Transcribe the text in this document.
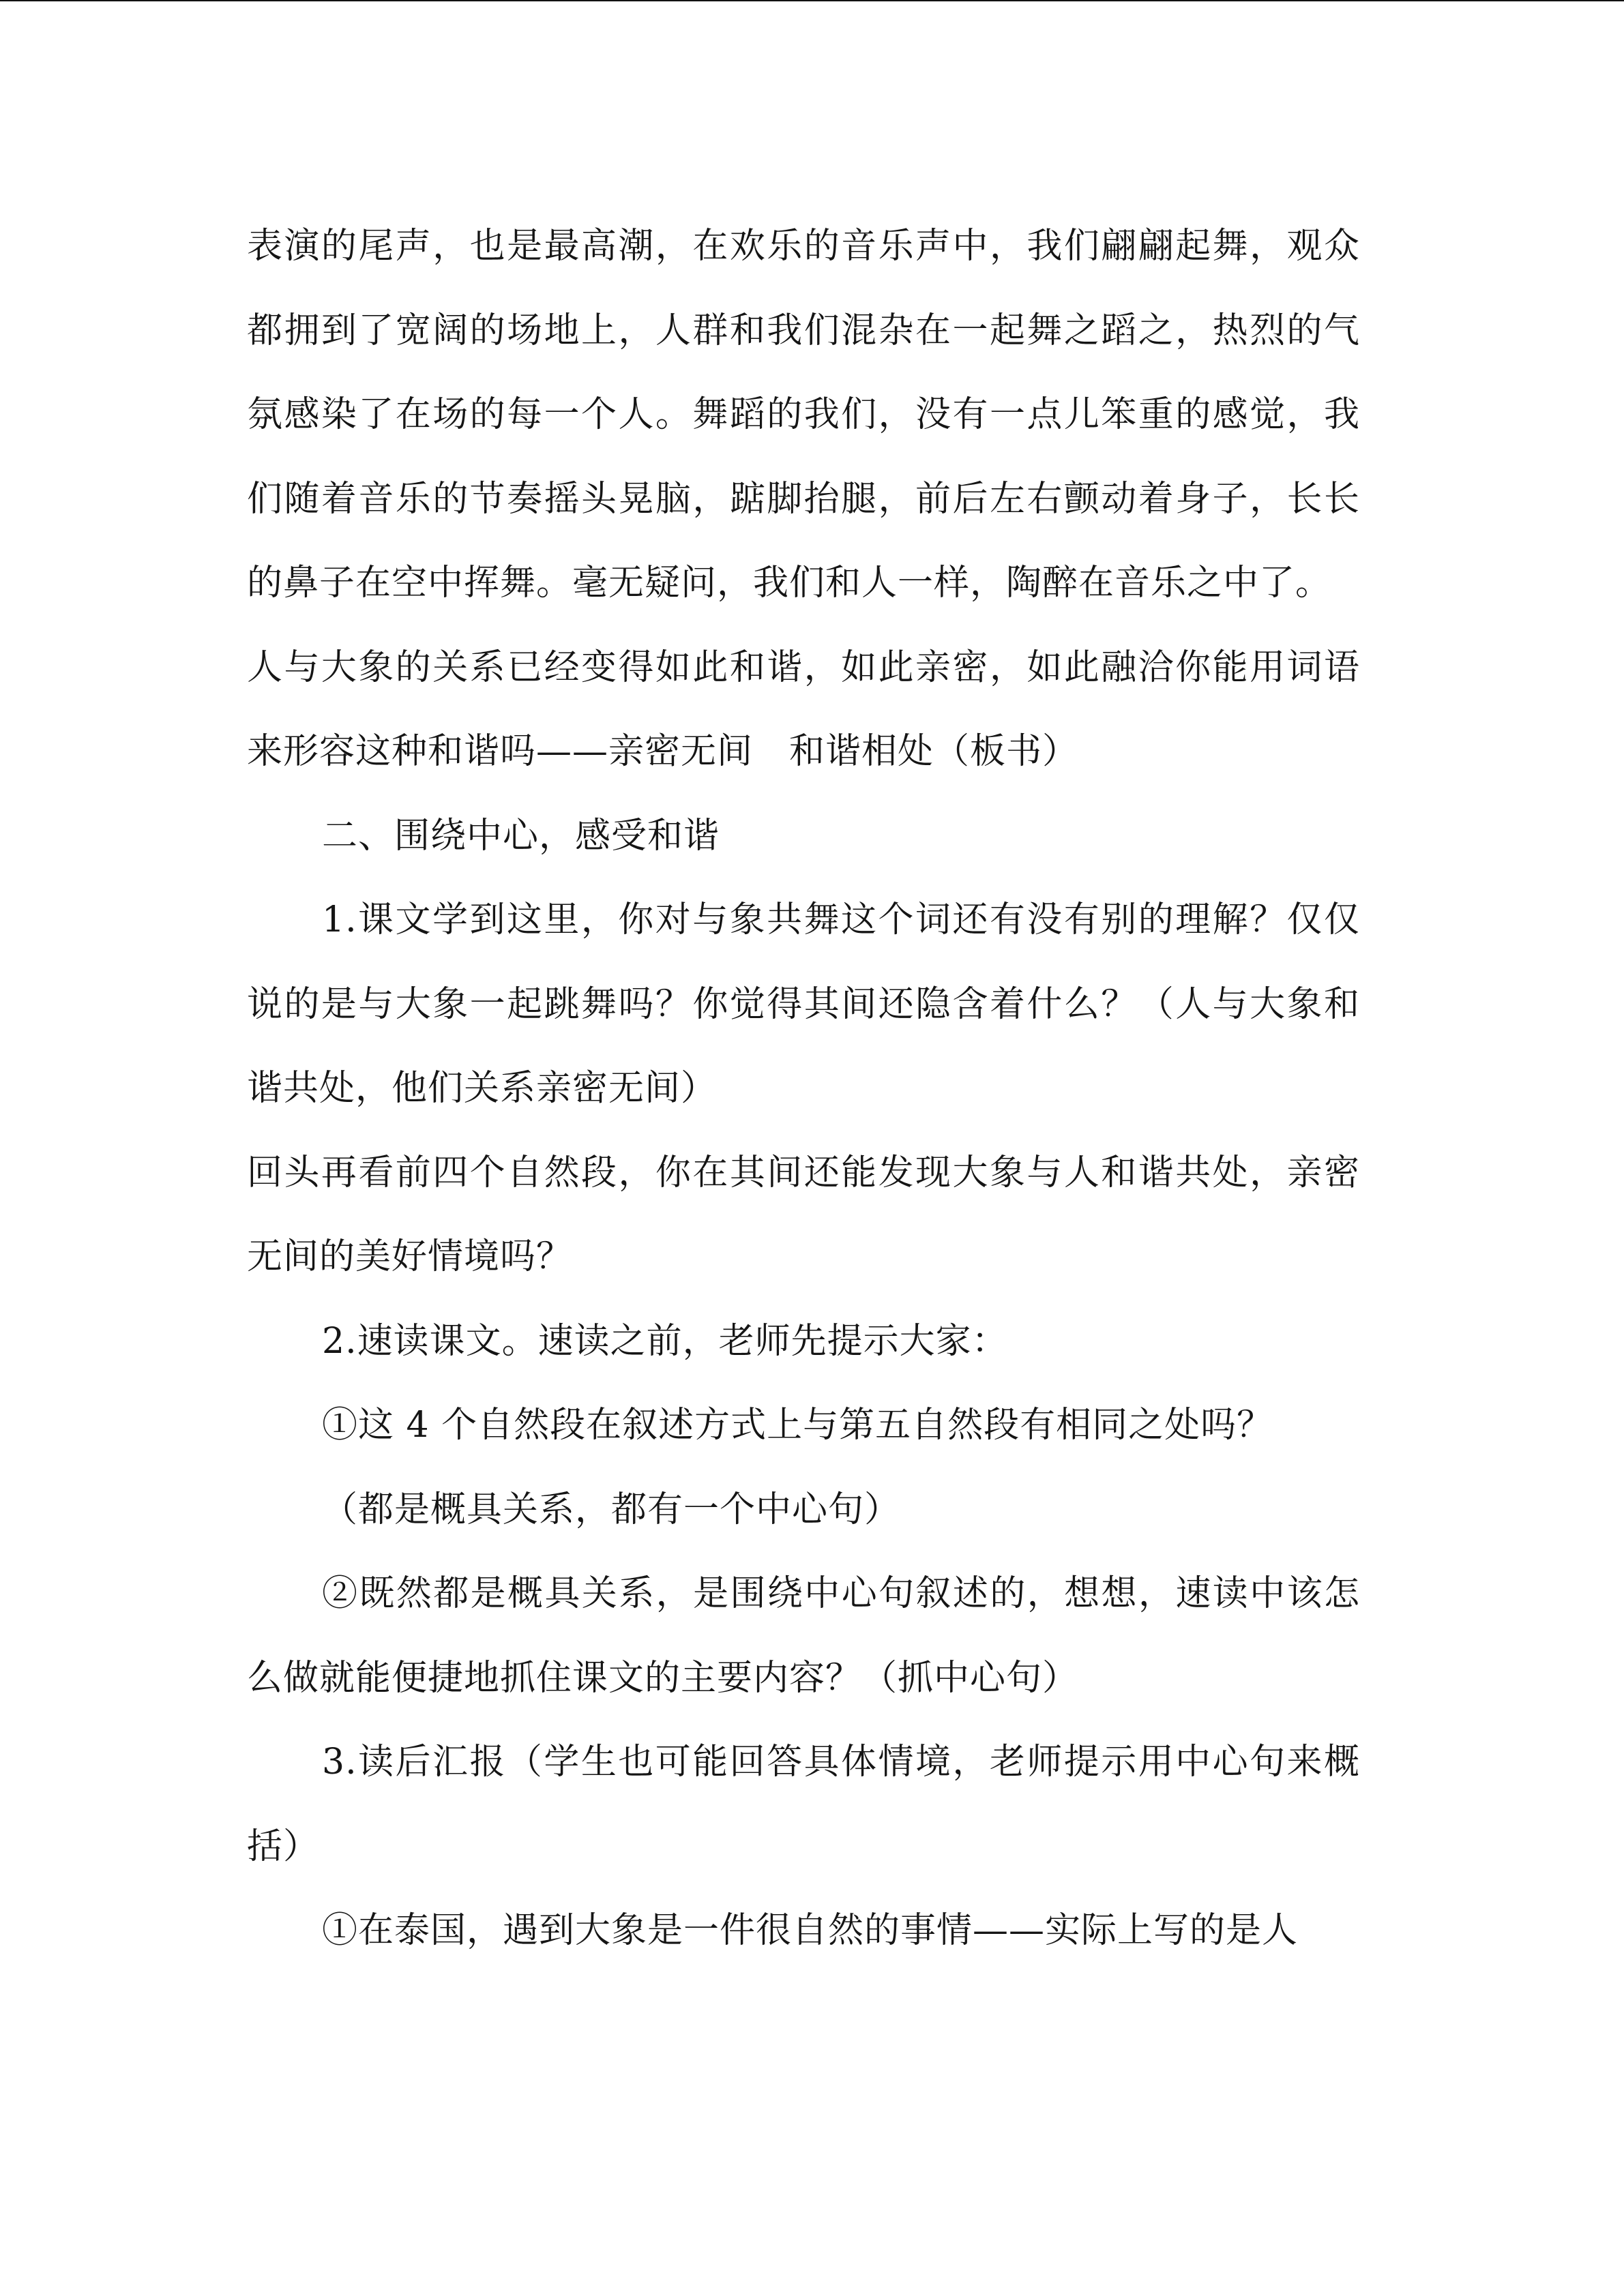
表演的尾声，也是最高潮，在欢乐的音乐声中，我们翩翩起舞，观众都拥到了宽阔的场地上，人群和我们混杂在一起舞之蹈之，热烈的气氛感染了在场的每一个人。舞蹈的我们，没有一点儿笨重的感觉，我们随着音乐的节奏摇头晃脑，踮脚抬腿，前后左右颤动着身子，长长的鼻子在空中挥舞。毫无疑问，我们和人一样，陶醉在音乐之中了。

人与大象的关系已经变得如此和谐，如此亲密，如此融洽你能用词语来形容这种和谐吗——亲密无间　和谐相处（板书）

二、围绕中心，感受和谐

1.课文学到这里，你对与象共舞这个词还有没有别的理解？仅仅说的是与大象一起跳舞吗？你觉得其间还隐含着什么？（人与大象和谐共处，他们关系亲密无间）

回头再看前四个自然段，你在其间还能发现大象与人和谐共处，亲密无间的美好情境吗？

2.速读课文。速读之前，老师先提示大家：

①这 4 个自然段在叙述方式上与第五自然段有相同之处吗？

（都是概具关系，都有一个中心句）

②既然都是概具关系，是围绕中心句叙述的，想想，速读中该怎么做就能便捷地抓住课文的主要内容？（抓中心句）

3.读后汇报（学生也可能回答具体情境，老师提示用中心句来概括）

①在泰国，遇到大象是一件很自然的事情——实际上写的是人
